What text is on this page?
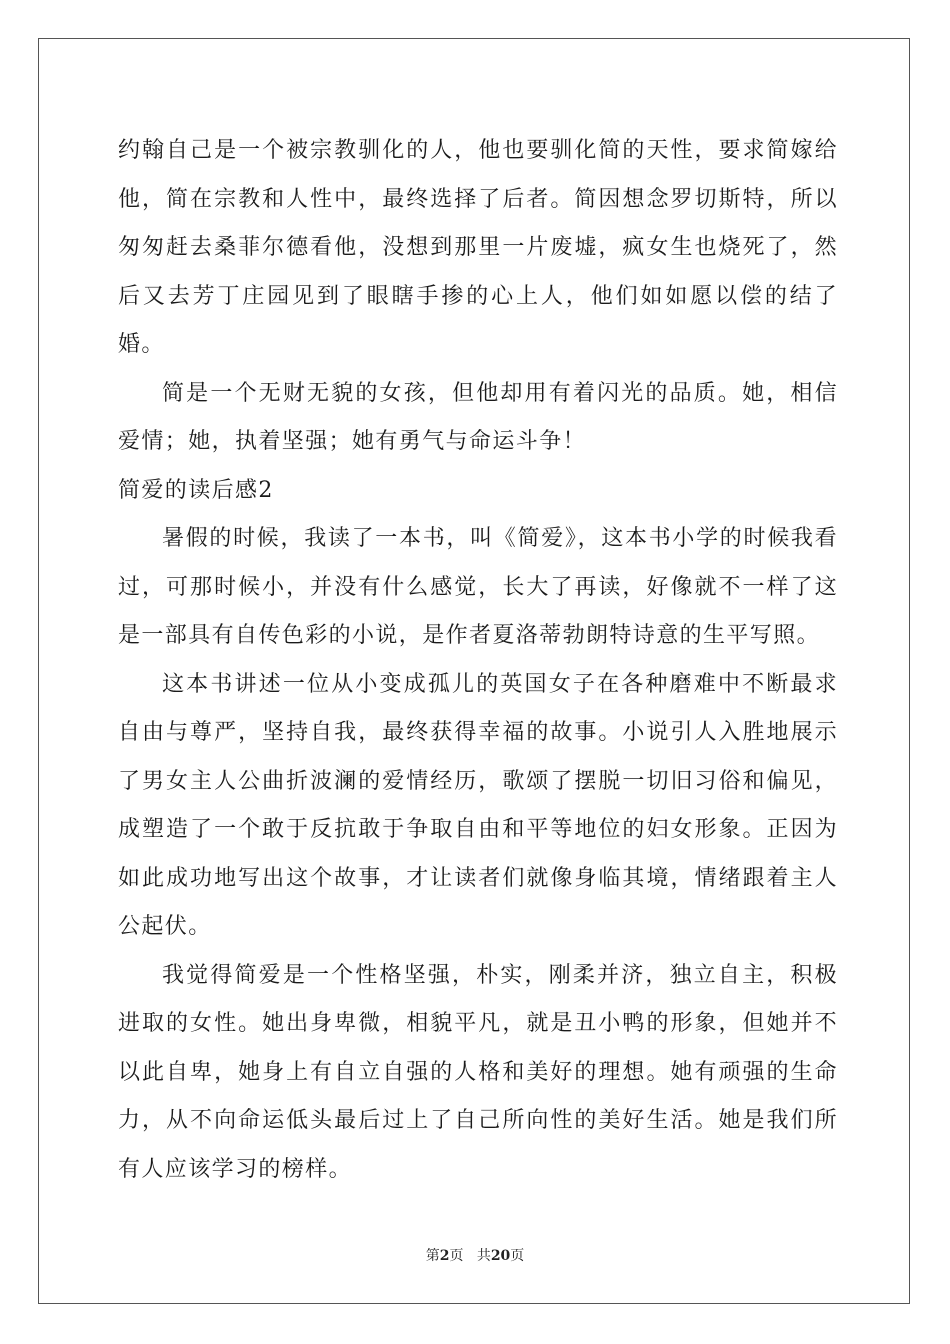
约翰自己是一个被宗教驯化的人，他也要驯化简的天性，要求简嫁给他，简在宗教和人性中，最终选择了后者。简因想念罗切斯特，所以匆匆赶去桑菲尔德看他，没想到那里一片废墟，疯女生也烧死了，然后又去芳丁庄园见到了眼瞎手掺的心上人，他们如如愿以偿的结了婚。

简是一个无财无貌的女孩，但他却用有着闪光的品质。她，相信爱情；她，执着坚强；她有勇气与命运斗争！

简爱的读后感2

暑假的时候，我读了一本书，叫《简爱》，这本书小学的时候我看过，可那时候小，并没有什么感觉，长大了再读，好像就不一样了这是一部具有自传色彩的小说，是作者夏洛蒂勃朗特诗意的生平写照。

这本书讲述一位从小变成孤儿的英国女子在各种磨难中不断最求自由与尊严，坚持自我，最终获得幸福的故事。小说引人入胜地展示了男女主人公曲折波澜的爱情经历，歌颂了摆脱一切旧习俗和偏见，成塑造了一个敢于反抗敢于争取自由和平等地位的妇女形象。正因为如此成功地写出这个故事，才让读者们就像身临其境，情绪跟着主人公起伏。

我觉得简爱是一个性格坚强，朴实，刚柔并济，独立自主，积极进取的女性。她出身卑微，相貌平凡，就是丑小鸭的形象，但她并不以此自卑，她身上有自立自强的人格和美好的理想。她有顽强的生命力，从不向命运低头最后过上了自己所向性的美好生活。她是我们所有人应该学习的榜样。

第2页 共20页
